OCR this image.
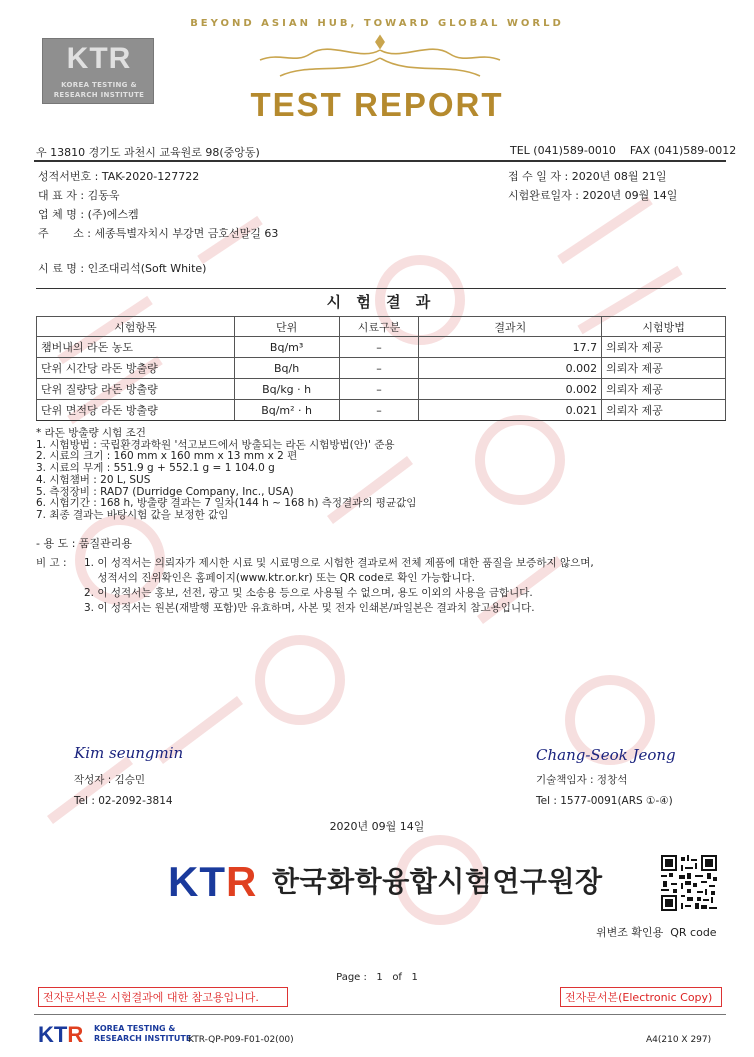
BEYOND ASIAN HUB, TOWARD GLOBAL WORLD
TEST REPORT
KTR
KOREA TESTING &
RESEARCH INSTITUTE
우 13810 경기도 과천시 교육원로 98(중앙동)	TEL (041)589-0010    FAX (041)589-0012
성적서번호 : TAK-2020-127722
대 표 자 : 김동욱
업 체 명 : (주)에스켐
주       소 : 세종특별자치시 부강면 금호선말길 63
시 료 명 : 인조대리석(Soft White)
접 수 일 자 : 2020년 08월 21일
시험완료일자 : 2020년 09월 14일
시 험 결 과
시험항목	단위	시료구분	결과치	시험방법
챔버내의 라돈 농도	Bq/m³	–	17.7	의뢰자 제공
단위 시간당 라돈 방출량	Bq/h	–	0.002	의뢰자 제공
단위 질량당 라돈 방출량	Bq/kg · h	–	0.002	의뢰자 제공
단위 면적당 라돈 방출량	Bq/m² · h	–	0.021	의뢰자 제공
* 라돈 방출량 시험 조건
1. 시험방법 : 국립환경과학원 '석고보드에서 방출되는 라돈 시험방법(안)' 준용
2. 시료의 크기 : 160 mm x 160 mm x 13 mm x 2 편
3. 시료의 무게 : 551.9 g + 552.1 g = 1 104.0 g
4. 시험챔버 : 20 L, SUS
5. 측정장비 : RAD7 (Durridge Company, Inc., USA)
6. 시험기간 : 168 h, 방출량 결과는 7 일차(144 h ~ 168 h) 측정결과의 평균값임
7. 최종 결과는 바탕시험 값을 보정한 값임
- 용 도 : 품질관리용
비 고 : 1. 이 성적서는 의뢰자가 제시한 시료 및 시료명으로 시험한 결과로써 전체 제품에 대한 품질을 보증하지 않으며,
성적서의 진위확인은 홈페이지(www.ktr.or.kr) 또는 QR code로 확인 가능합니다.
2. 이 성적서는 홍보, 선전, 광고 및 소송용 등으로 사용될 수 없으며, 용도 이외의 사용을 금합니다.
3. 이 성적서는 원본(재발행 포함)만 유효하며, 사본 및 전자 인쇄본/파일본은 결과치 참고용입니다.
Kim seungmin
작성자 : 김승민
Tel : 02-2092-3814
Chang-Seok Jeong
기술책임자 : 정창석
Tel : 1577-0091(ARS ①-④)
2020년 09월 14일
KTR 한국화학융합시험연구원장
위변조 확인용  QR code
Page :   1   of   1
전자문서본은 시험결과에 대한 참고용입니다.	전자문서본(Electronic Copy)
KTR KOREA TESTING &
RESEARCH INSTITUTE
KTR-QP-P09-F01-02(00)	A4(210 X 297)
